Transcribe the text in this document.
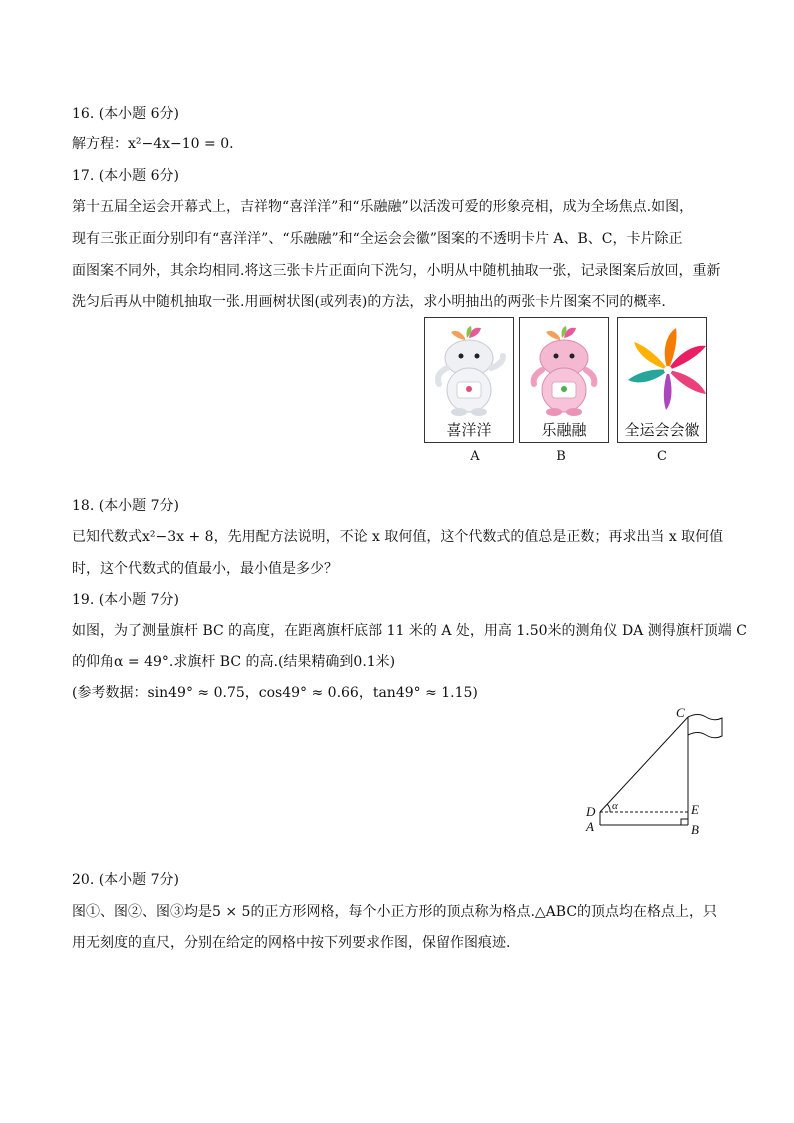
16. (本小题 6分)
解方程：x²−4x−10 = 0.
17. (本小题 6分)
第十五届全运会开幕式上，吉祥物“喜洋洋”和“乐融融”以活泼可爱的形象亮相，成为全场焦点.如图，
现有三张正面分别印有“喜洋洋”、“乐融融”和“全运会会徽”图案的不透明卡片 A、B、C，卡片除正
面图案不同外，其余均相同.将这三张卡片正面向下洗匀，小明从中随机抽取一张，记录图案后放回，重新
洗匀后再从中随机抽取一张.用画树状图(或列表)的方法，求小明抽出的两张卡片图案不同的概率.
喜洋洋
A
乐融融
B
全运会会徽
C
18. (本小题 7分)
已知代数式x²−3x + 8，先用配方法说明，不论 x 取何值，这个代数式的值总是正数；再求出当 x 取何值
时，这个代数式的值最小，最小值是多少？
19. (本小题 7分)
如图，为了测量旗杆 BC 的高度，在距离旗杆底部 11 米的 A 处，用高 1.50米的测角仪 DA 测得旗杆顶端 C
的仰角α = 49°.求旗杆 BC 的高.(结果精确到0.1米)
(参考数据：sin49° ≈ 0.75，cos49° ≈ 0.66，tan49° ≈ 1.15)
C
D
A
E
B
α
20. (本小题 7分)
图①、图②、图③均是5 × 5的正方形网格，每个小正方形的顶点称为格点.△ABC的顶点均在格点上，只
用无刻度的直尺，分别在给定的网格中按下列要求作图，保留作图痕迹.
